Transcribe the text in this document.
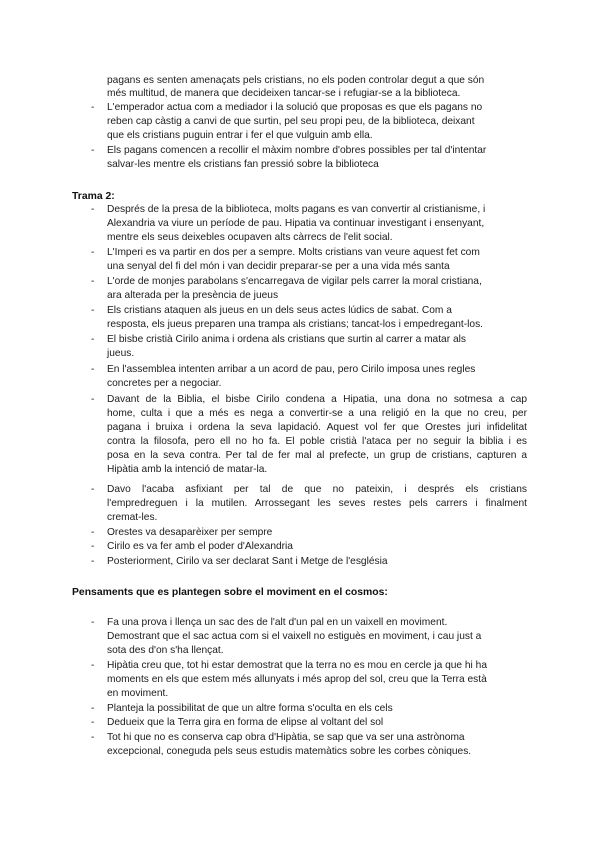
pagans es senten amenaçats pels cristians, no els poden controlar degut a que són
més multitud, de manera que decideixen tancar-se i refugiar-se a la biblioteca.
- L'emperador actua com a mediador i la solució que proposas es que els pagans no
reben cap càstig a canvi de que surtin, pel seu propi peu, de la biblioteca, deixant
que els cristians puguin entrar i fer el que vulguin amb ella.
- Els pagans comencen a recollir el màxim nombre d'obres possibles per tal d'intentar
salvar-les mentre els cristians fan pressió sobre la biblioteca
Trama 2:
- Després de la presa de la biblioteca, molts pagans es van convertir al cristianisme, i
Alexandria va viure un període de pau. Hipatia va continuar investigant i ensenyant,
mentre els seus deixebles ocupaven alts càrrecs de l'elit social.
- L'Imperi es va partir en dos per a sempre. Molts cristians van veure aquest fet com
una senyal del fi del món i van decidir preparar-se per a una vida més santa
- L'orde de monjes parabolans s'encarregava de vigilar pels carrer la moral cristiana,
ara alterada per la presència de jueus
- Els cristians ataquen als jueus en un dels seus actes lúdics de sabat. Com a
resposta, els jueus preparen una trampa als cristians; tancat-los i empedregant-los.
- El bisbe cristià Cirilo anima i ordena als cristians que surtin al carrer a matar als
jueus.
- En l'assemblea intenten arribar a un acord de pau, pero Cirilo imposa unes regles
concretes per a negociar.
- Davant de la Biblia, el bisbe Cirilo condena a Hipatia, una dona no sotmesa a cap
home, culta i que a més es nega a convertir-se a una religió en la que no creu, per
pagana i bruixa i ordena la seva lapidació. Aquest vol fer que Orestes juri infidelitat
contra la filosofa, pero ell no ho fa. El poble cristià l'ataca per no seguir la biblia i es
posa en la seva contra. Per tal de fer mal al prefecte, un grup de cristians, capturen a
Hipàtia amb la intenció de matar-la.
- Davo l'acaba asfixiant per tal de que no pateixin, i després els cristians
l'empredreguen i la mutilen. Arrossegant les seves restes pels carrers i finalment
cremat-les.
- Orestes va desaparèixer per sempre
- Cirilo es va fer amb el poder d'Alexandria
- Posteriorment, Cirilo va ser declarat Sant i Metge de l'església
Pensaments que es plantegen sobre el moviment en el cosmos:
- Fa una prova i llença un sac des de l'alt d'un pal en un vaixell en moviment.
Demostrant que el sac actua com si el vaixell no estiguès en moviment, i cau just a
sota des d'on s'ha llençat.
- Hipàtia creu que, tot hi estar demostrat que la terra no es mou en cercle ja que hi ha
moments en els que estem més allunyats i més aprop del sol, creu que la Terra està
en moviment.
- Planteja la possibilitat de que un altre forma s'oculta en els cels
- Dedueix que la Terra gira en forma de elipse al voltant del sol
- Tot hi que no es conserva cap obra d'Hipàtia, se sap que va ser una astrònoma
excepcional, coneguda pels seus estudis matemàtics sobre les corbes còniques.
